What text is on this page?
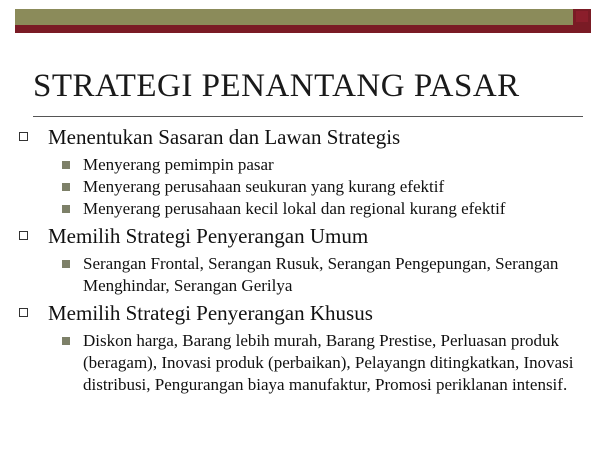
STRATEGI PENANTANG PASAR
Menentukan Sasaran dan Lawan Strategis
Menyerang pemimpin pasar
Menyerang perusahaan seukuran yang kurang efektif
Menyerang perusahaan kecil lokal dan regional kurang efektif
Memilih Strategi Penyerangan Umum
Serangan Frontal, Serangan Rusuk, Serangan Pengepungan, Serangan Menghindar, Serangan Gerilya
Memilih Strategi Penyerangan Khusus
Diskon harga, Barang lebih murah, Barang Prestise, Perluasan produk (beragam), Inovasi produk (perbaikan), Pelayangn ditingkatkan, Inovasi distribusi, Pengurangan biaya manufaktur, Promosi periklanan intensif.
